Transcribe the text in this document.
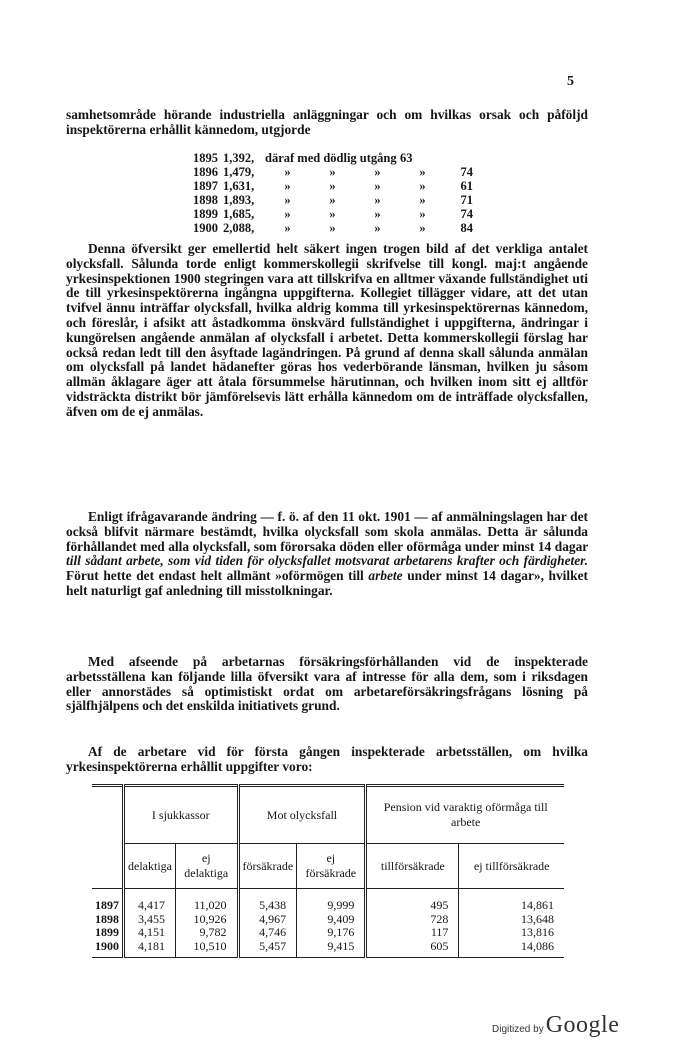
5

samhetsområde hörande industriella anläggningar och om hvilkas orsak och påföljd inspektörerna erhållit kännedom, utgjorde

1895 1,392, däraf med dödlig utgång 63
1896 1,479,	»	»	»	»	74
1897 1,631,	»	»	»	»	61
1898 1,893,	»	»	»	»	71
1899 1,685,	»	»	»	»	74
1900 2,088,	»	»	»	»	84

Denna öfversikt ger emellertid helt säkert ingen trogen bild af det verkliga antalet olycksfall. Sålunda torde enligt kommerskollegii skrifvelse till kongl. maj:t angående yrkesinspektionen 1900 stegringen vara att tillskrifva en alltmer växande fullständighet uti de till yrkesinspektörerna ingångna uppgifterna. Kollegiet tillägger vidare, att det utan tvifvel ännu inträffar olycksfall, hvilka aldrig komma till yrkesinspektörernas kännedom, och föreslår, i afsikt att åstadkomma önskvärd fullständighet i uppgifterna, ändringar i kungörelsen angående anmälan af olycksfall i arbetet. Detta kommerskollegii förslag har också redan ledt till den åsyftade lagändringen. På grund af denna skall sålunda anmälan om olycksfall på landet hädanefter göras hos vederbörande länsman, hvilken ju såsom allmän åklagare äger att åtala försummelse härutinnan, och hvilken inom sitt ej alltför vidsträckta distrikt bör jämförelsevis lätt erhålla kännedom om de inträffade olycksfallen, äfven om de ej anmälas.

Enligt ifrågavarande ändring — f. ö. af den 11 okt. 1901 — af anmälningslagen har det också blifvit närmare bestämdt, hvilka olycksfall som skola anmälas. Detta är sålunda förhållandet med alla olycksfall, som förorsaka döden eller oförmåga under minst 14 dagar till sådant arbete, som vid tiden för olycksfallet motsvarat arbetarens krafter och färdigheter. Förut hette det endast helt allmänt »oförmögen till arbete under minst 14 dagar», hvilket helt naturligt gaf anledning till misstolkningar.

Med afseende på arbetarnas försäkringsförhållanden vid de inspekterade arbetsställena kan följande lilla öfversikt vara af intresse för alla dem, som i riksdagen eller annorstädes så optimistiskt ordat om arbetareförsäkringsfrågans lösning på själfhjälpens och det enskilda initiativets grund.

Af de arbetare vid för första gången inspekterade arbetsställen, om hvilka yrkesinspektörerna erhållit uppgifter voro:

	I sjukkassor		Mot olycksfall		Pension vid varaktig oförmåga till arbete	
	delaktiga	ej delaktiga	försäkrade	ej försäkrade	tillförsäkrade	ej tillförsäkrade
1897	4,417	11,020	5,438	9,999	495	14,861
1898	3,455	10,926	4,967	9,409	728	13,648
1899	4,151	9,782	4,746	9,176	117	13,816
1900	4,181	10,510	5,457	9,415	605	14,086
Digitized by Google
